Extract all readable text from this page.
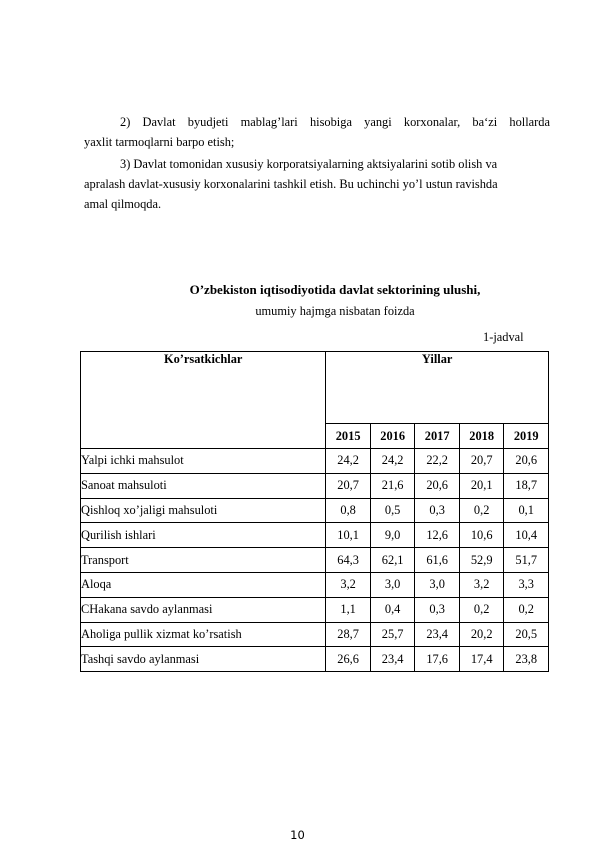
2) Davlat byudjeti mablag’lari hisobiga yangi korxonalar, ba‘zi hollarda
yaxlit tarmoqlarni barpo etish;
3) Davlat tomonidan xususiy korporatsiyalarning aktsiyalarini sotib olish va
apralash davlat-xususiy korxonalarini tashkil etish. Bu uchinchi yo’l ustun ravishda
amal qilmoqda.
O’zbekiston iqtisodiyotida davlat sektorining ulushi,
umumiy hajmga nisbatan foizda
1-jadval
Ko’rsatkichlar	Yillar				
	2015	2016	2017	2018	2019
Yalpi ichki mahsulot	24,2	24,2	22,2	20,7	20,6
Sanoat mahsuloti	20,7	21,6	20,6	20,1	18,7
Qishloq xo’jaligi mahsuloti	0,8	0,5	0,3	0,2	0,1
Qurilish ishlari	10,1	9,0	12,6	10,6	10,4
Transport	64,3	62,1	61,6	52,9	51,7
Aloqa	3,2	3,0	3,0	3,2	3,3
CHakana savdo aylanmasi	1,1	0,4	0,3	0,2	0,2
Aholiga pullik xizmat ko’rsatish	28,7	25,7	23,4	20,2	20,5
Tashqi savdo aylanmasi	26,6	23,4	17,6	17,4	23,8
10
